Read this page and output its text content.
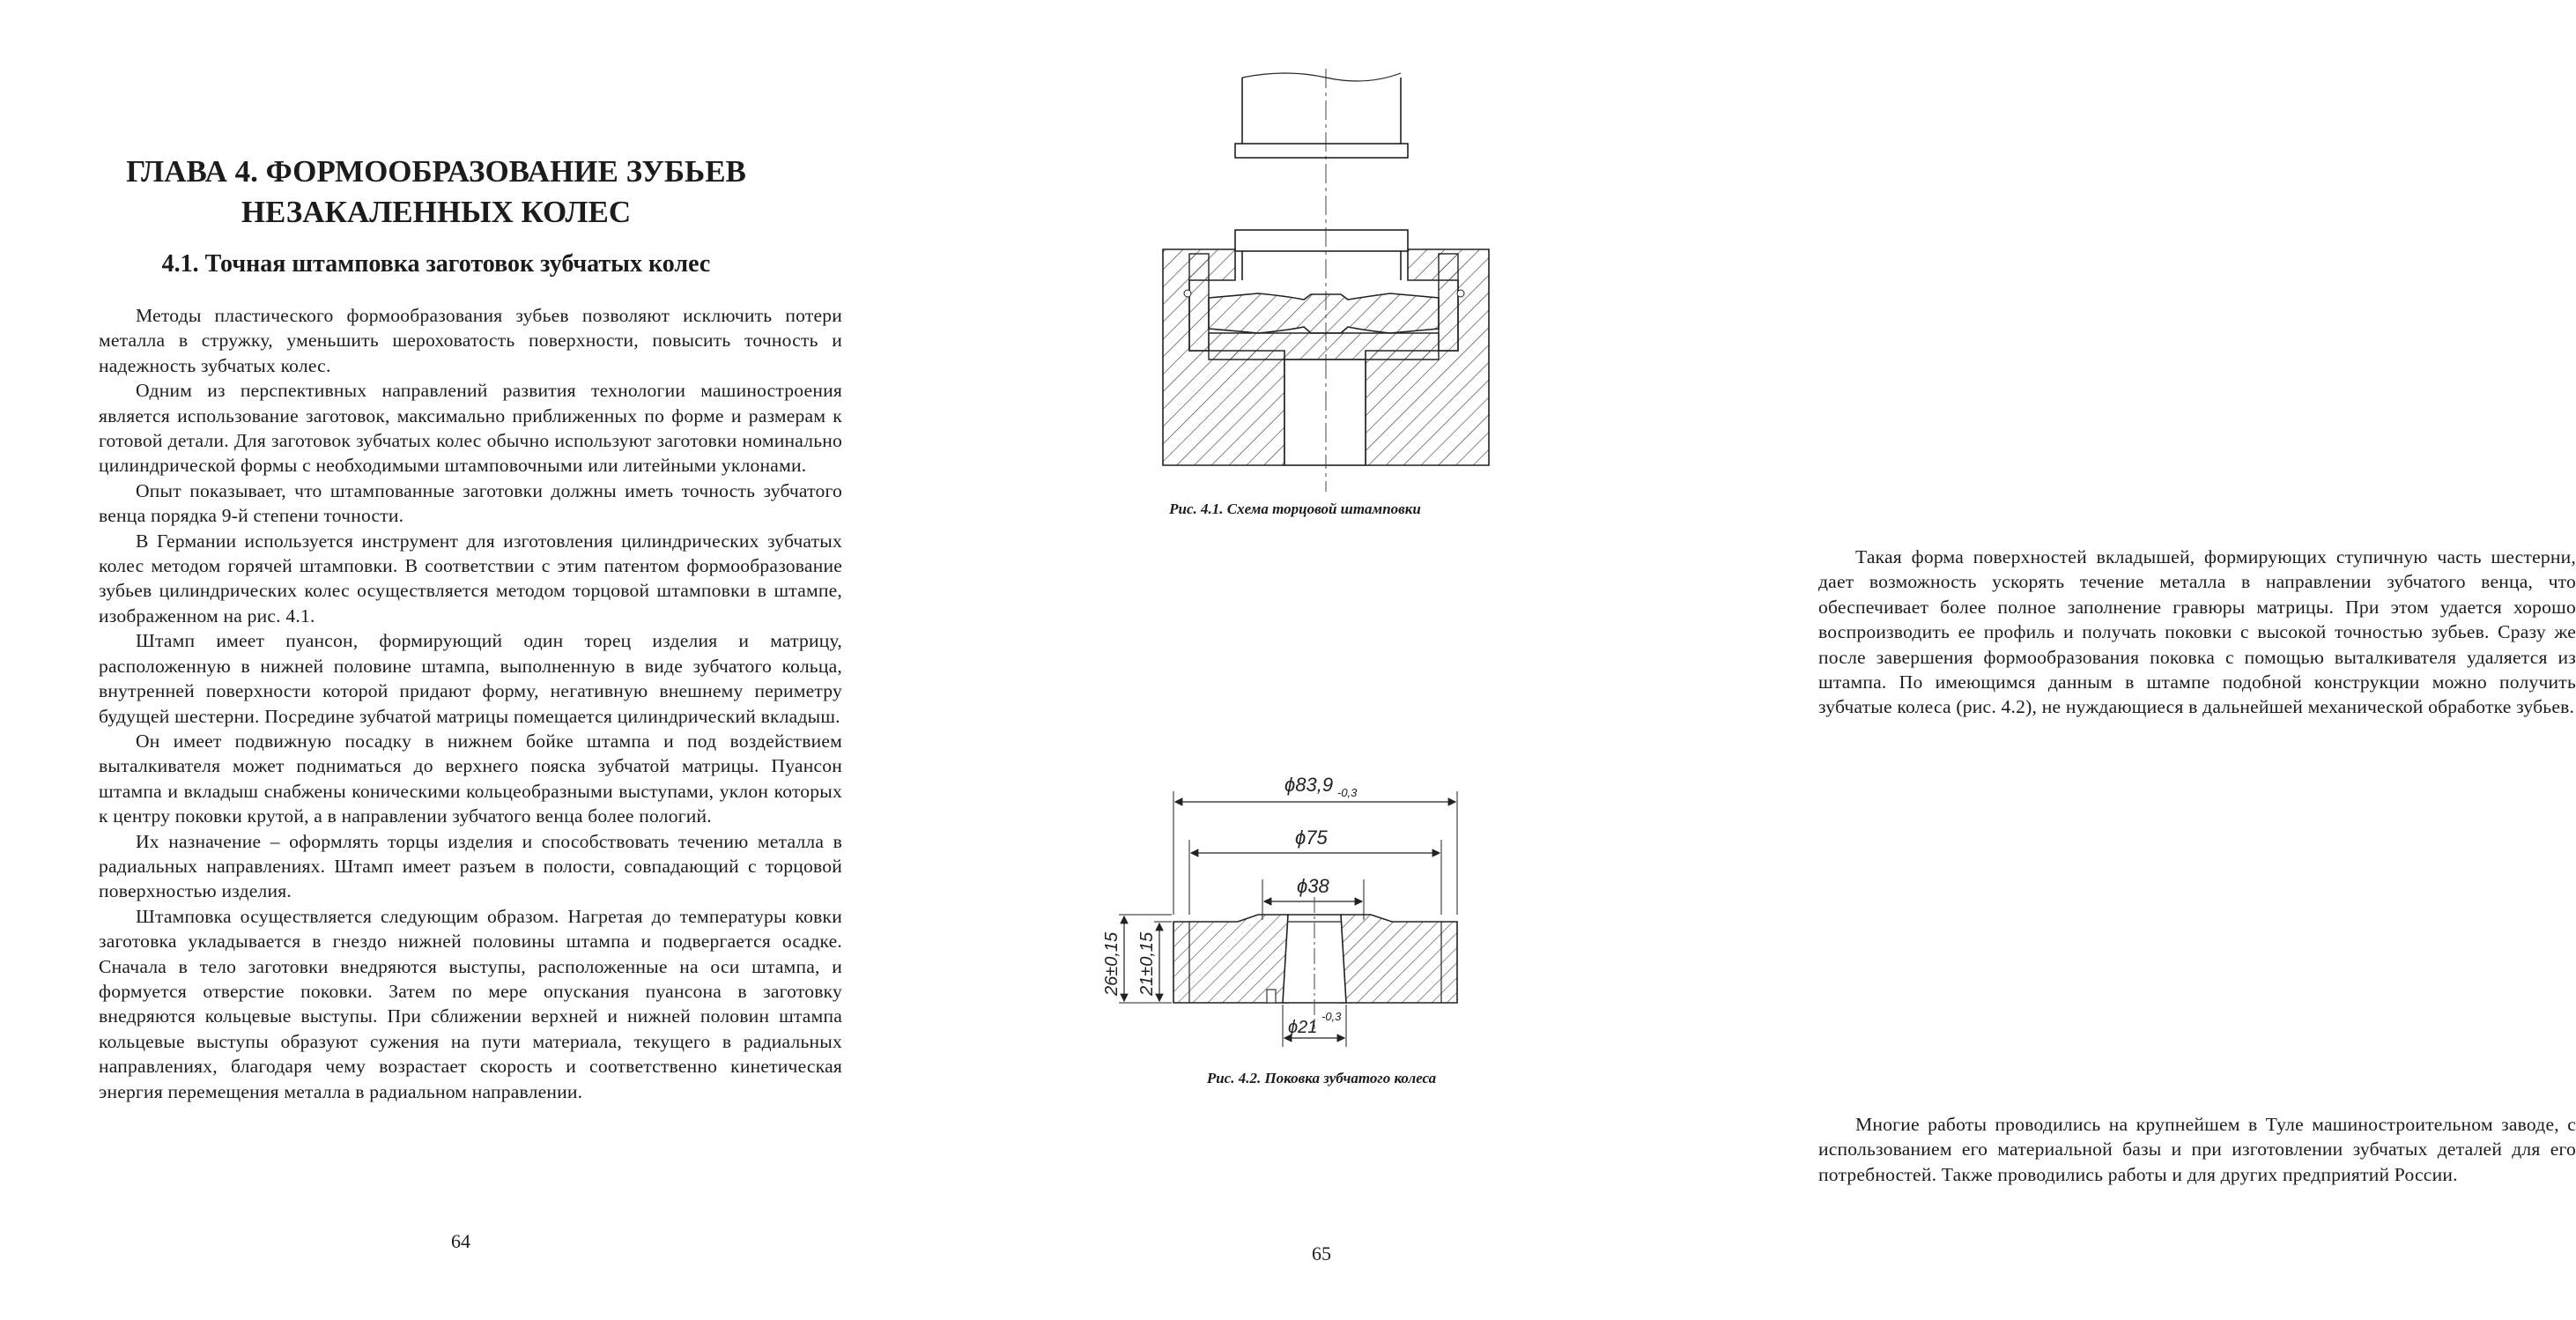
ГЛАВА 4. ФОРМООБРАЗОВАНИЕ ЗУБЬЕВ
НЕЗАКАЛЕННЫХ КОЛЕС
4.1. Точная штамповка заготовок зубчатых колес

Методы пластического формообразования зубьев позволяют исключить потери металла в стружку, уменьшить шероховатость поверхности, повысить точность и надежность зубчатых колес.

Одним из перспективных направлений развития технологии машиностроения является использование заготовок, максимально приближенных по форме и размерам к готовой детали. Для заготовок зубчатых колес обычно используют заготовки номинально цилиндрической формы с необходимыми штамповочными или литейными уклонами.

Опыт показывает, что штампованные заготовки должны иметь точность зубчатого венца порядка 9-й степени точности.

В Германии используется инструмент для изготовления цилиндрических зубчатых колес методом горячей штамповки. В соответствии с этим патентом формообразование зубьев цилиндрических колес осуществляется методом торцовой штамповки в штампе, изображенном на рис. 4.1.

Штамп имеет пуансон, формирующий один торец изделия и матрицу, расположенную в нижней половине штампа, выполненную в виде зубчатого кольца, внутренней поверхности которой придают форму, негативную внешнему периметру будущей шестерни. Посредине зубчатой матрицы помещается цилиндрический вкладыш.

Он имеет подвижную посадку в нижнем бойке штампа и под воздействием выталкивателя может подниматься до верхнего пояска зубчатой матрицы. Пуансон штампа и вкладыш снабжены коническими кольцеобразными выступами, уклон которых к центру поковки крутой, а в направлении зубчатого венца более пологий.

Их назначение – оформлять торцы изделия и способствовать течению металла в радиальных направлениях. Штамп имеет разъем в полости, совпадающий с торцовой поверхностью изделия.

Штамповка осуществляется следующим образом. Нагретая до температуры ковки заготовка укладывается в гнездо нижней половины штампа и подвергается осадке. Сначала в тело заготовки внедряются выступы, расположенные на оси штампа, и формуется отверстие поковки. Затем по мере опускания пуансона в заготовку внедряются кольцевые выступы. При сближении верхней и нижней половин штампа кольцевые выступы образуют сужения на пути материала, текущего в радиальных направлениях, благодаря чему возрастает скорость и соответственно кинетическая энергия перемещения металла в радиальном направлении.

64
Рис. 4.1. Схема торцовой штамповки

Такая форма поверхностей вкладышей, формирующих ступичную часть шестерни, дает возможность ускорять течение металла в направлении зубчатого венца, что обеспечивает более полное заполнение гравюры матрицы. При этом удается хорошо воспроизводить ее профиль и получать поковки с высокой точностью зубьев. Сразу же после завершения формообразования поковка с помощью выталкивателя удаляется из штампа. По имеющимся данным в штампе подобной конструкции можно получить зубчатые колеса (рис. 4.2), не нуждающиеся в дальнейшей механической обработке зубьев.

ϕ83,9 -0,3
ϕ75
ϕ38
26±0,15 21±0,15
ϕ21
-0,3
Рис. 4.2. Поковка зубчатого колеса

Многие работы проводились на крупнейшем в Туле машиностроительном заводе, с использованием его материальной базы и при изготовлении зубчатых деталей для его потребностей. Также проводились работы и для других предприятий России.

65
